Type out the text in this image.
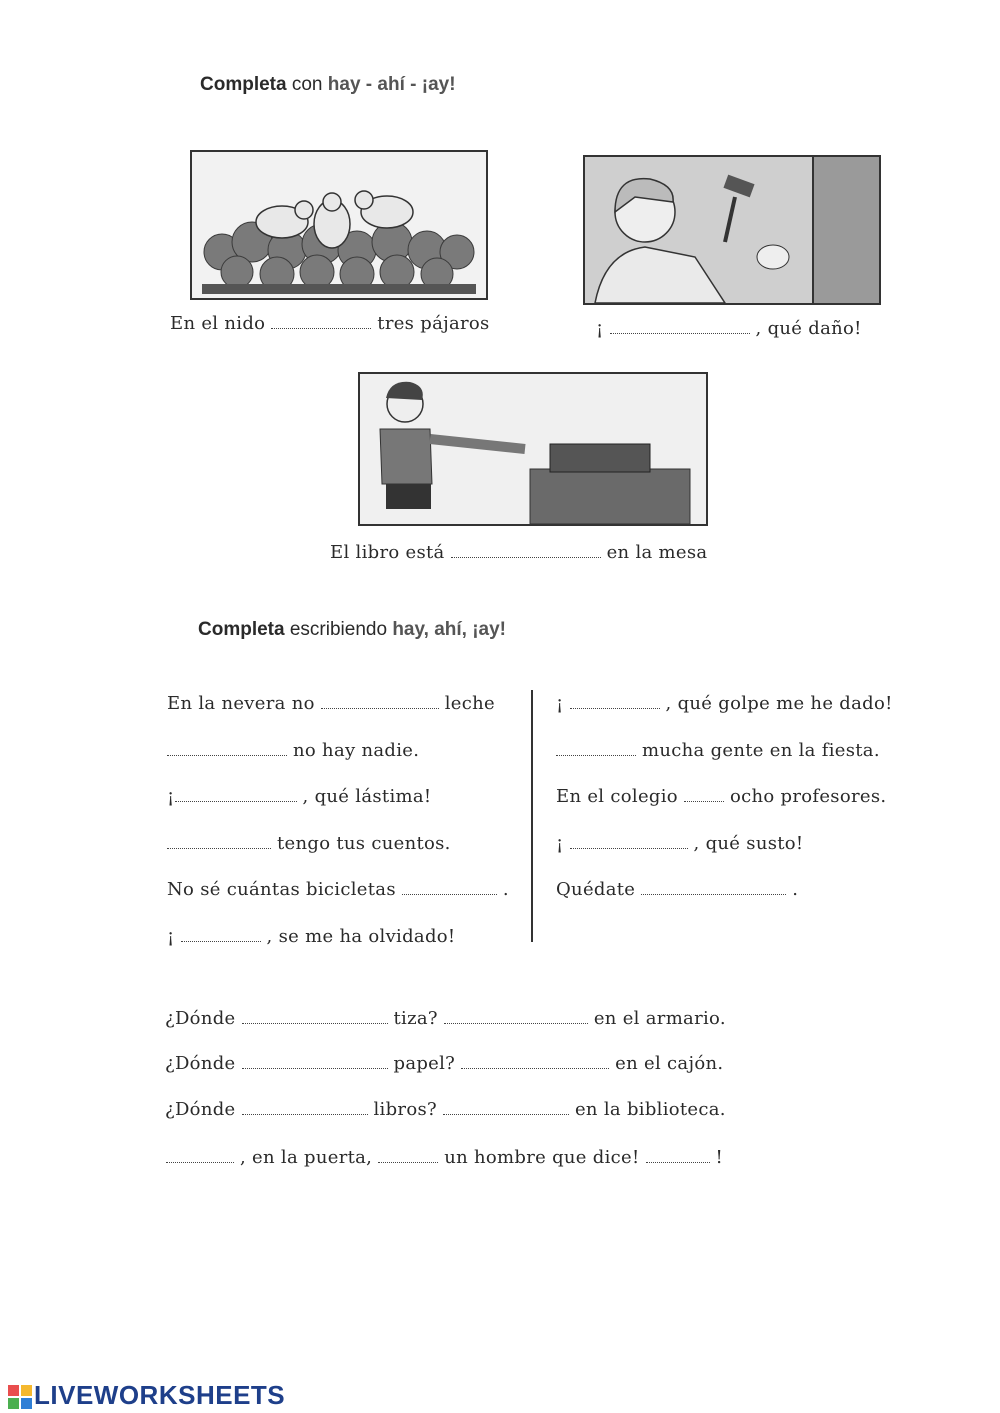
Completa con hay - ahí - ¡ay!
En el nido	tres pájaros	¡	, qué daño!
El libro está	en la mesa
Completa escribiendo hay, ahí, ¡ay!
En la nevera no	leche
no hay nadie.
¡	, qué lástima!
tengo tus cuentos.
No sé cuántas bicicletas	.
¡	, se me ha olvidado!
¡	, qué golpe me he dado!
mucha gente en la fiesta.
En el colegio	ocho profesores.
¡	, qué susto!
Quédate	.
¿Dónde	tiza?	en el armario.
¿Dónde	papel?	en el cajón.
¿Dónde	libros?	en la biblioteca.
, en la puerta,	un hombre que dice!	!
LIVEWORKSHEETS
